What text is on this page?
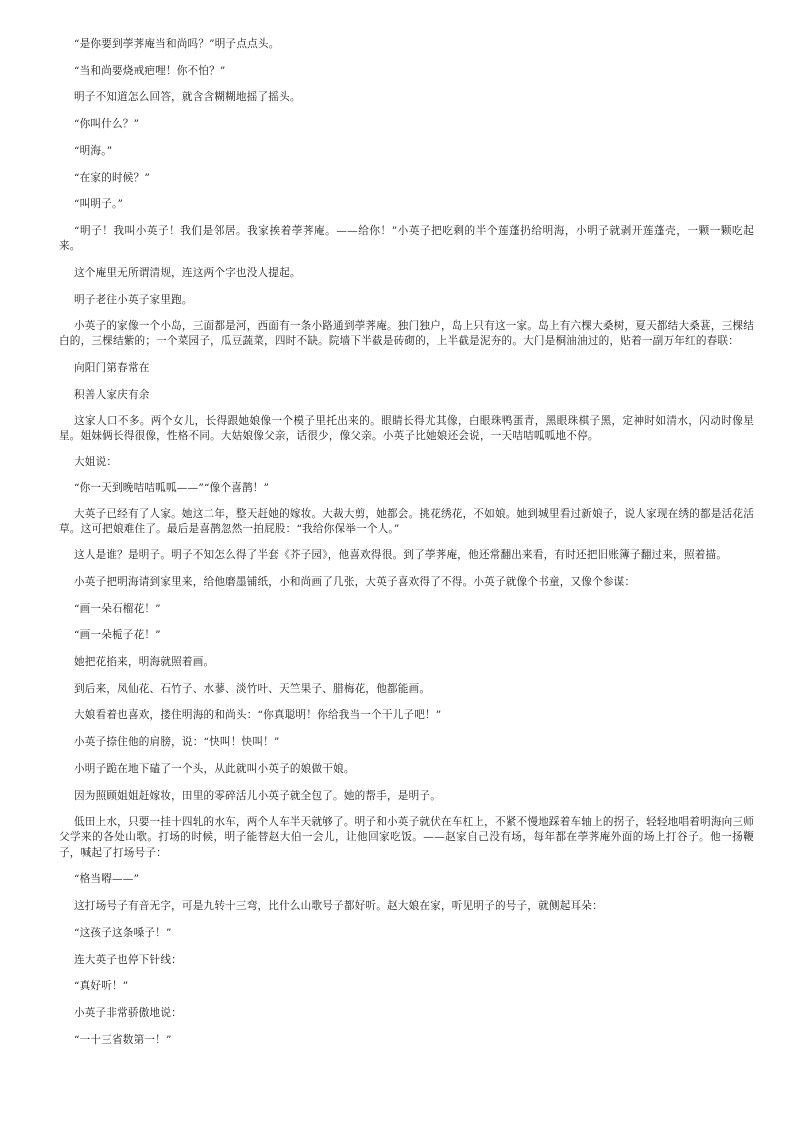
“是你要到荸荠庵当和尚吗？”明子点点头。

“当和尚要烧戒疤哩！你不怕？”

明子不知道怎么回答，就含含糊糊地摇了摇头。

“你叫什么？”

“明海。”

“在家的时候？”

“叫明子。”

“明子！我叫小英子！我们是邻居。我家挨着荸荠庵。——给你！”小英子把吃剩的半个莲蓬扔给明海，小明子就剥开莲蓬壳，一颗一颗吃起来。

这个庵里无所谓清规，连这两个字也没人提起。

明子老往小英子家里跑。

小英子的家像一个小岛，三面都是河，西面有一条小路通到荸荠庵。独门独户，岛上只有这一家。岛上有六棵大桑树，夏天都结大桑葚，三棵结白的，三棵结紫的；一个菜园子，瓜豆蔬菜，四时不缺。院墙下半截是砖砌的，上半截是泥夯的。大门是桐油油过的，贴着一副万年红的春联：

向阳门第春常在

积善人家庆有余

这家人口不多。两个女儿，长得跟她娘像一个模子里托出来的。眼睛长得尤其像，白眼珠鸭蛋青，黑眼珠棋子黑，定神时如清水，闪动时像星星。姐妹俩长得很像，性格不同。大姑娘像父亲，话很少，像父亲。小英子比她娘还会说，一天咭咭呱呱地不停。

大姐说：

“你一天到晚咭咭呱呱——”“像个喜鹊！”

大英子已经有了人家。她这二年，整天赶她的嫁妆。大裁大剪，她都会。挑花绣花，不如娘。她到城里看过新娘子，说人家现在绣的都是活花活草。这可把娘难住了。最后是喜鹊忽然一拍屁股：“我给你保举一个人。”

这人是谁？是明子。明子不知怎么得了半套《芥子园》，他喜欢得很。到了荸荠庵，他还常翻出来看，有时还把旧账簿子翻过来，照着描。

小英子把明海请到家里来，给他磨墨铺纸，小和尚画了几张，大英子喜欢得了不得。小英子就像个书童，又像个参谋：

“画一朵石榴花！”

“画一朵栀子花！”

她把花掐来，明海就照着画。

到后来，凤仙花、石竹子、水蓼、淡竹叶、天竺果子、腊梅花，他都能画。

大娘看着也喜欢，搂住明海的和尚头：“你真聪明！你给我当一个干儿子吧！”

小英子捺住他的肩膀，说：“快叫！快叫！”

小明子跪在地下磕了一个头，从此就叫小英子的娘做干娘。

因为照顾姐姐赶嫁妆，田里的零碎活儿小英子就全包了。她的帮手，是明子。

低田上水，只要一挂十四轧的水车，两个人车半天就够了。明子和小英子就伏在车杠上，不紧不慢地踩着车轴上的拐子，轻轻地唱着明海向三师父学来的各处山歌。打场的时候，明子能替赵大伯一会儿，让他回家吃饭。——赵家自己没有场，每年都在荸荠庵外面的场上打谷子。他一扬鞭子，喊起了打场号子：

“格当嘚——”

这打场号子有音无字，可是九转十三弯，比什么山歌号子都好听。赵大娘在家，听见明子的号子，就侧起耳朵：

“这孩子这条嗓子！”

连大英子也停下针线：

“真好听！”

小英子非常骄傲地说：

“一十三省数第一！”
